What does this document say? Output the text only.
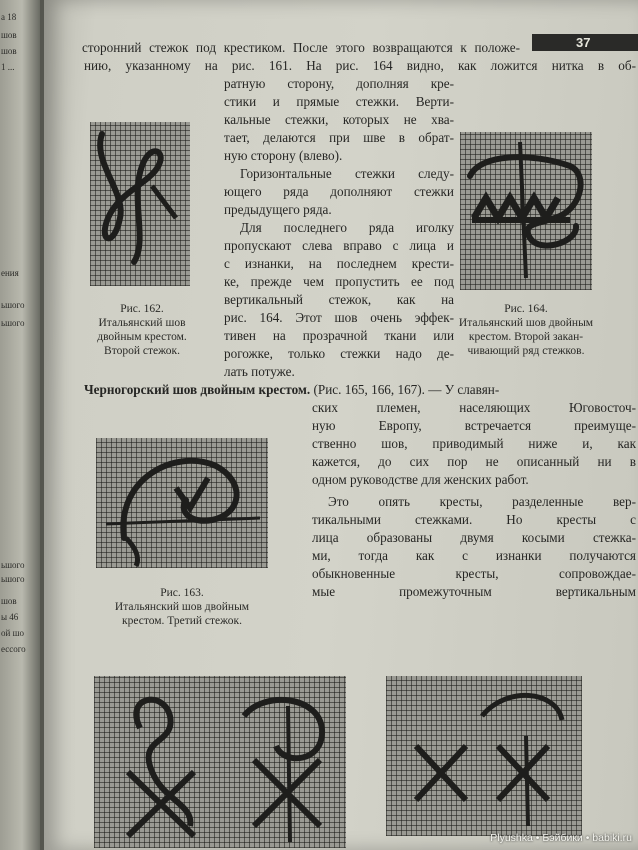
а 18
шов
шов
1 ...
ения
ьшого
ьшого
ьшого
ьшого
шов
ы 46
ой шо
ессого
37
сторонний стежок под крестиком. После этого возвращаются к положе-
нию, указанному на рис. 161. На рис. 164 видно, как ложится нитка в об-
ратную сторону, дополняя кре-
стики и прямые стежки. Верти-
кальные стежки, которых не хва-
тает, делаются при шве в обрат-
ную сторону (влево).
Горизонтальные стежки следу-
ющего ряда дополняют стежки
предыдущего ряда.
Для последнего ряда иголку
пропускают слева вправо с лица и
с изнанки, на последнем крести-
ке, прежде чем пропустить ее под
вертикальный стежок, как на
рис. 164. Этот шов очень эффек-
тивен на прозрачной ткани или
рогожке, только стежки надо де-
лать потуже.
Рис. 162.
Итальянский шов
двойным крестом.
Второй стежок.
Рис. 164.
Итальянский шов двойным
крестом. Второй закан-
чивающий ряд стежков.
Черногорский шов двойным крестом. (Рис. 165, 166, 167). — У славян-
ских племен, населяющих Юговосточ-
ную Европу, встречается преимуще-
ственно шов, приводимый ниже и, как
кажется, до сих пор не описанный ни в
одном руководстве для женских работ.
Это опять кресты, разделенные вер-
тикальными стежками. Но кресты с
лица образованы двумя косыми стежка-
ми, тогда как с изнанки получаются
обыкновенные кресты, сопровождае-
мые промежуточным вертикальным
Рис. 163.
Итальянский шов двойным
крестом. Третий стежок.
Plyushka • Бэйбики • babiki.ru
